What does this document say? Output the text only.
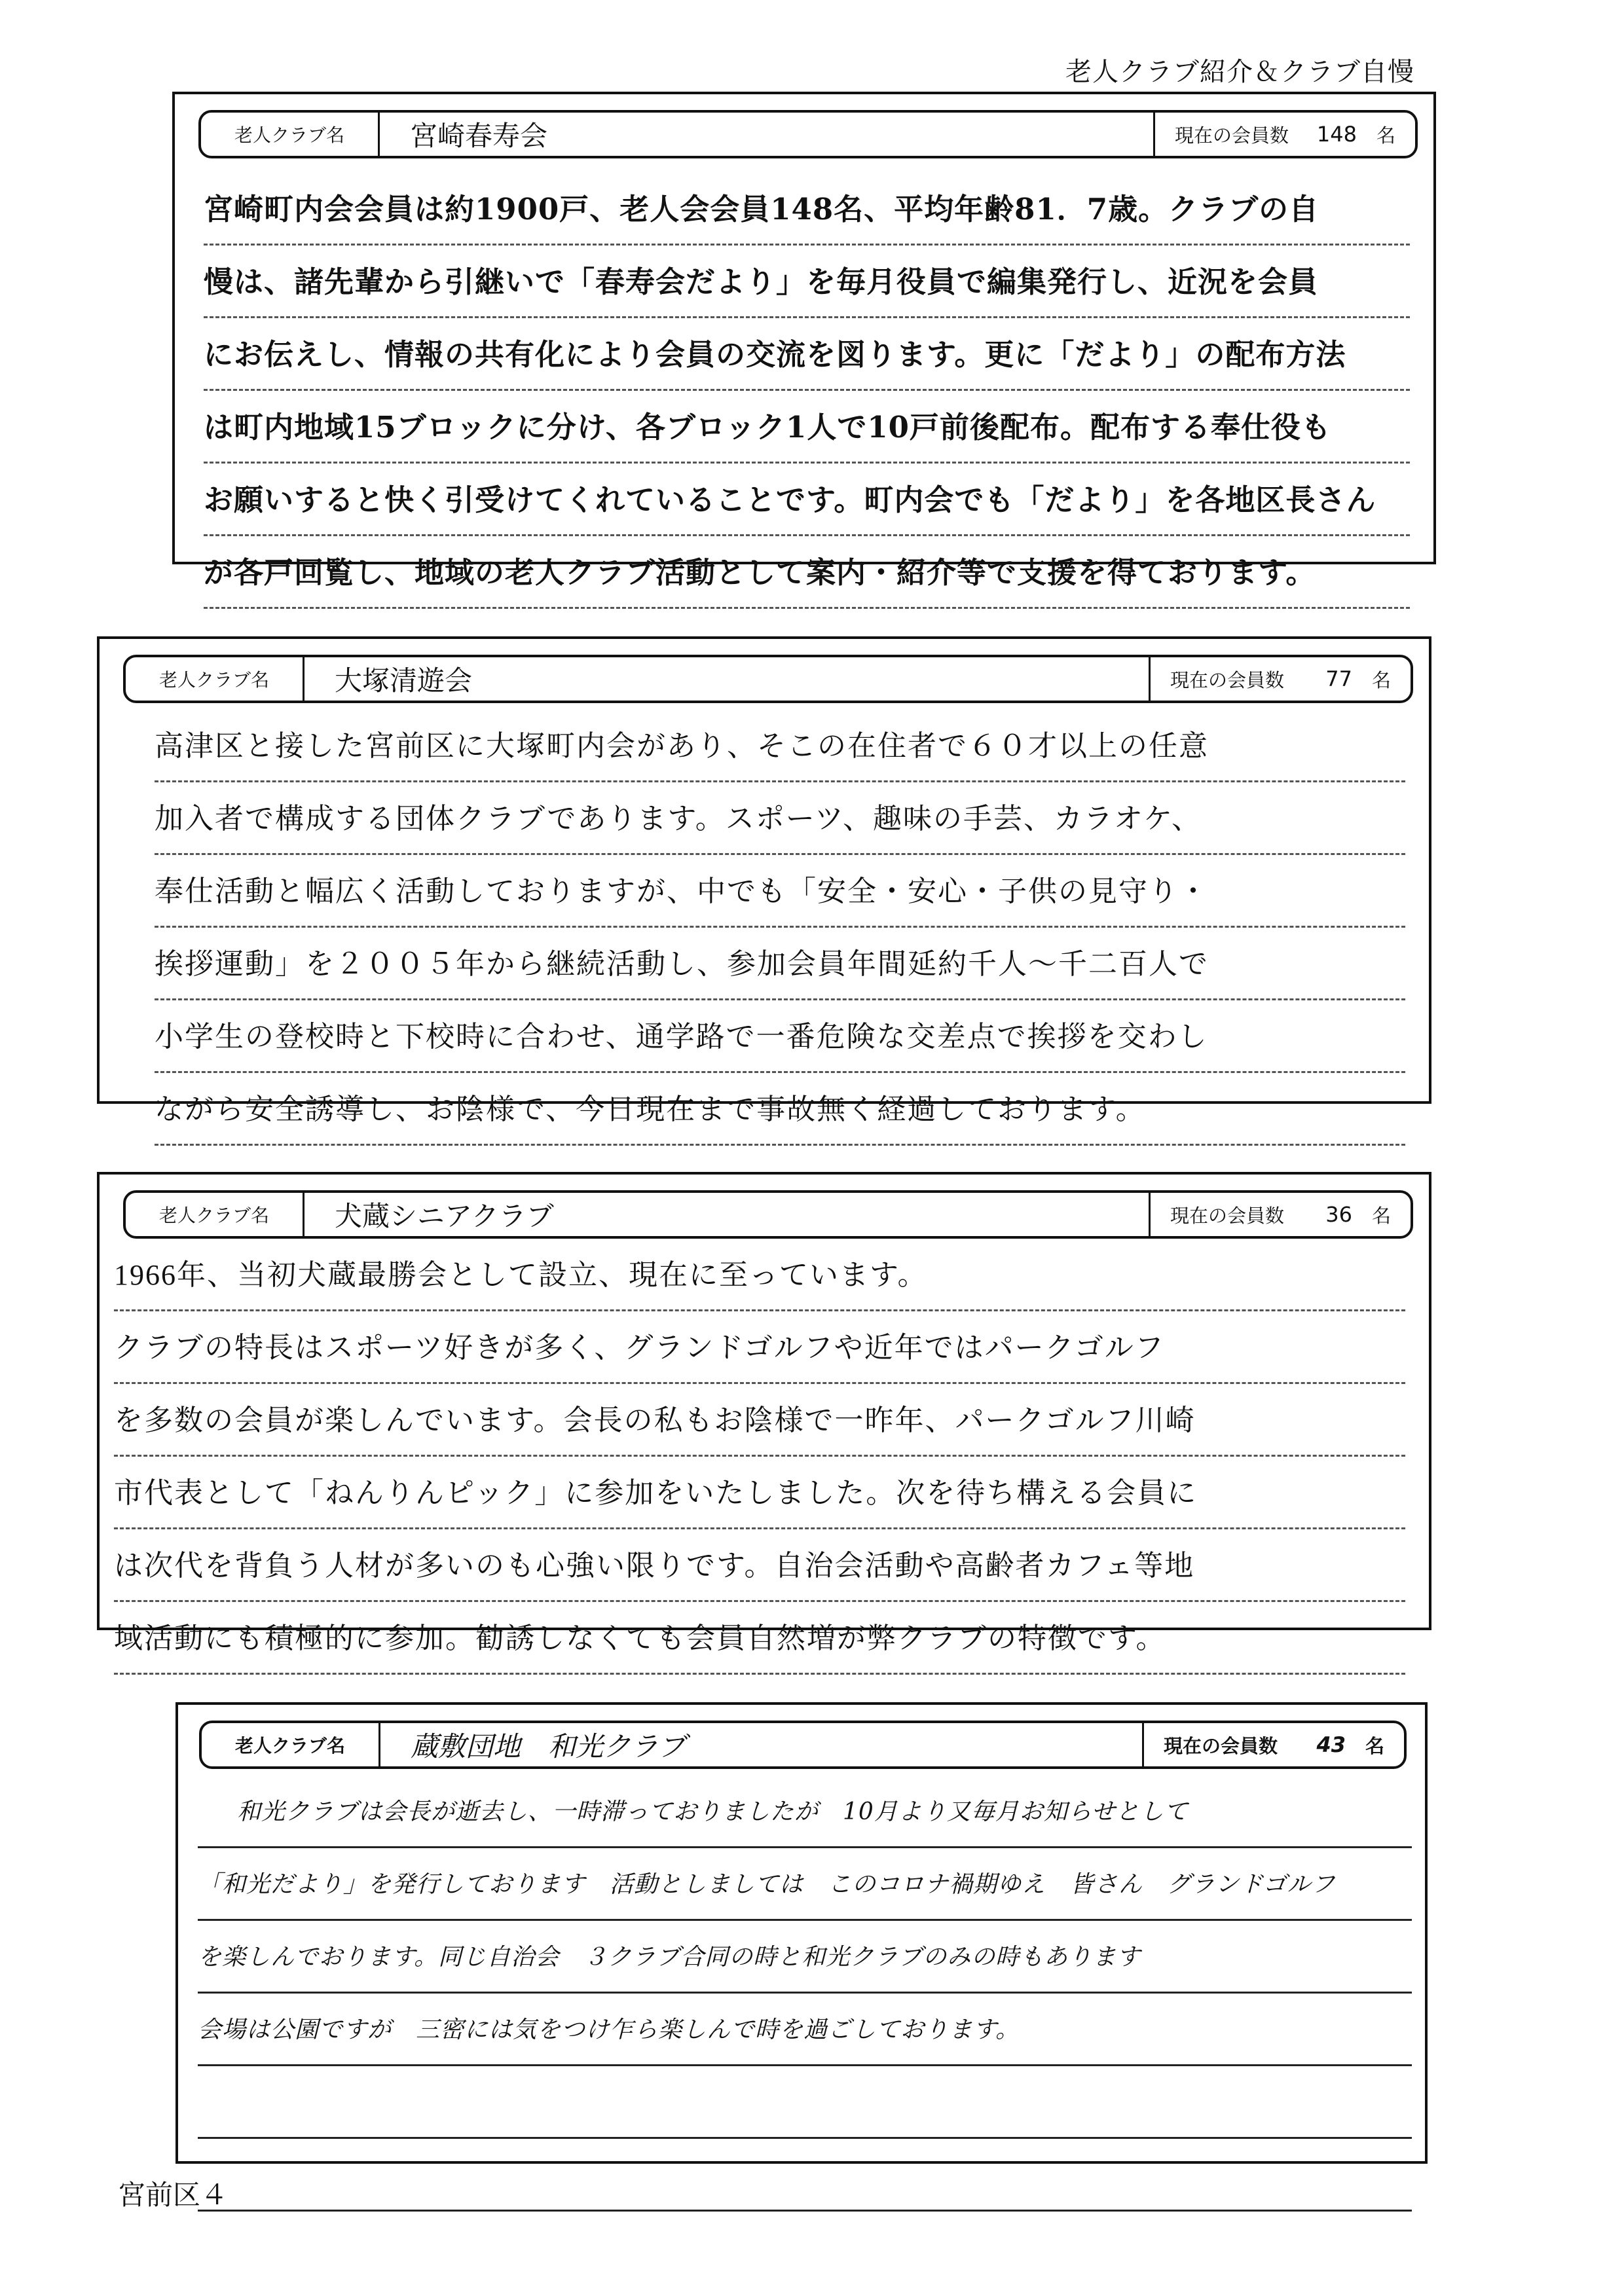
老人クラブ紹介＆クラブ自慢
老人クラブ名	宮崎春寿会	現在の会員数 148 名
宮崎町内会会員は約1900戸、老人会会員148名、平均年齢81．7歳。クラブの自
慢は、諸先輩から引継いで「春寿会だより」を毎月役員で編集発行し、近況を会員
にお伝えし、情報の共有化により会員の交流を図ります。更に「だより」の配布方法
は町内地域15ブロックに分け、各ブロック1人で10戸前後配布。配布する奉仕役も
お願いすると快く引受けてくれていることです。町内会でも「だより」を各地区長さん
が各戸回覧し、地域の老人クラブ活動として案内・紹介等で支援を得ております。
老人クラブ名	大塚清遊会	現在の会員数 77 名
高津区と接した宮前区に大塚町内会があり、そこの在住者で６０才以上の任意
加入者で構成する団体クラブであります。スポーツ、趣味の手芸、カラオケ、
奉仕活動と幅広く活動しておりますが、中でも「安全・安心・子供の見守り・
挨拶運動」を２００５年から継続活動し、参加会員年間延約千人～千二百人で
小学生の登校時と下校時に合わせ、通学路で一番危険な交差点で挨拶を交わし
ながら安全誘導し、お陰様で、今日現在まで事故無く経過しております。
老人クラブ名	犬蔵シニアクラブ	現在の会員数 36 名
1966年、当初犬蔵最勝会として設立、現在に至っています。
クラブの特長はスポーツ好きが多く、グランドゴルフや近年ではパークゴルフ
を多数の会員が楽しんでいます。会長の私もお陰様で一昨年、パークゴルフ川崎
市代表として「ねんりんピック」に参加をいたしました。次を待ち構える会員に
は次代を背負う人材が多いのも心強い限りです。自治会活動や高齢者カフェ等地
域活動にも積極的に参加。勧誘しなくても会員自然増が弊クラブの特徴です。
老人クラブ名	蔵敷団地　和光クラブ	現在の会員数 43 名
和光クラブは会長が逝去し、一時滞っておりましたが　10月より又毎月お知らせとして
「和光だより」を発行しております　活動としましては　このコロナ禍期ゆえ　皆さん　グランドゴルフ
を楽しんでおります。同じ自治会　３クラブ合同の時と和光クラブのみの時もあります
会場は公園ですが　三密には気をつけ乍ら楽しんで時を過ごしております。
宮前区４
